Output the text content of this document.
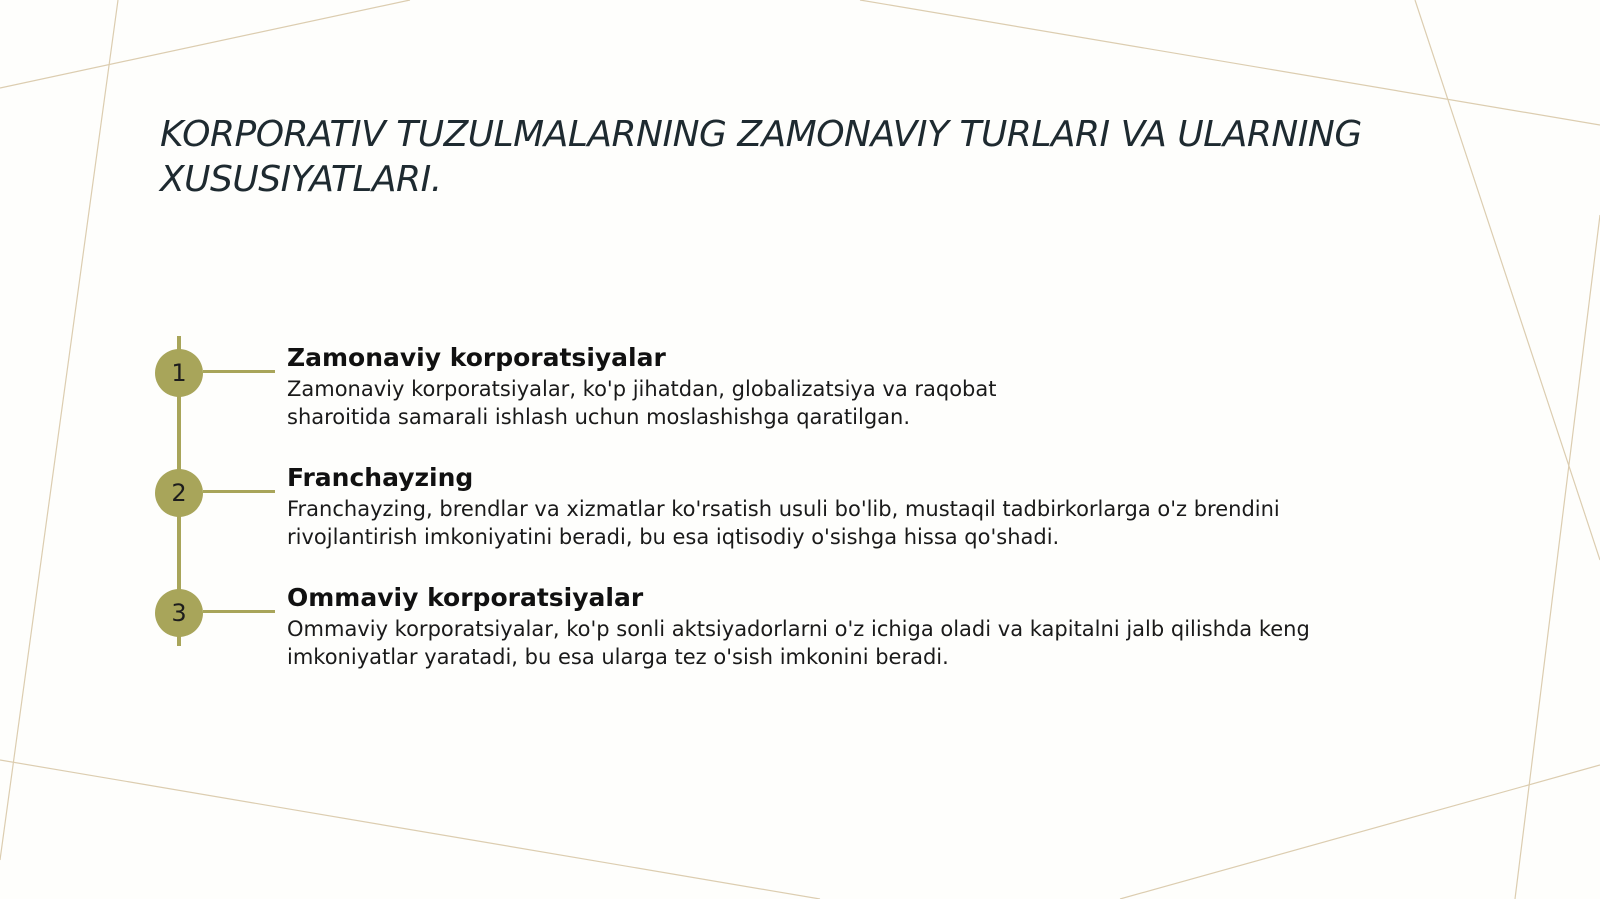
KORPORATIV TUZULMALARNING ZAMONAVIY TURLARI VA ULARNING XUSUSIYATLARI.
1

Zamonaviy korporatsiyalar

Zamonaviy korporatsiyalar, ko'p jihatdan, globalizatsiya va raqobat

sharoitida samarali ishlash uchun moslashishga qaratilgan.

2

Franchayzing

Franchayzing, brendlar va xizmatlar ko'rsatish usuli bo'lib, mustaqil tadbirkorlarga o'z brendini

rivojlantirish imkoniyatini beradi, bu esa iqtisodiy o'sishga hissa qo'shadi.

3

Ommaviy korporatsiyalar

Ommaviy korporatsiyalar, ko'p sonli aktsiyadorlarni o'z ichiga oladi va kapitalni jalb qilishda keng

imkoniyatlar yaratadi, bu esa ularga tez o'sish imkonini beradi.
